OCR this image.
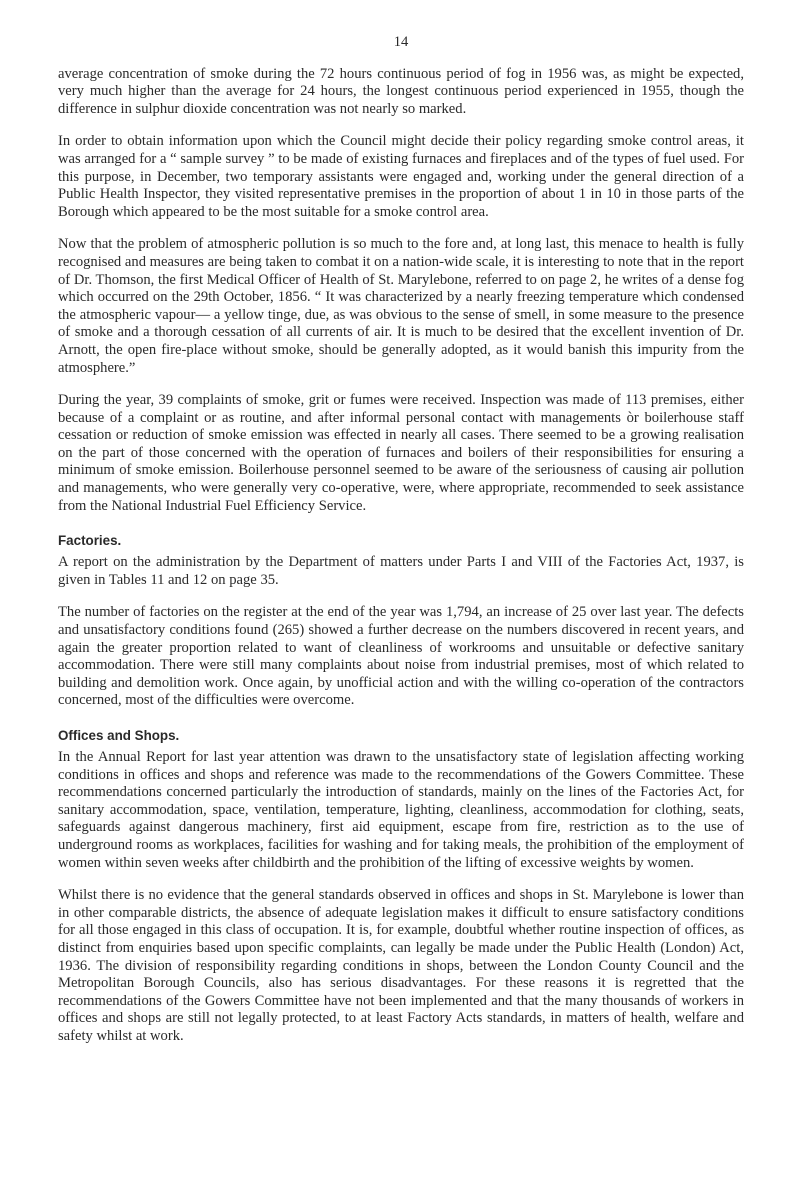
14

average concentration of smoke during the 72 hours continuous period of fog in 1956 was, as might be expected, very much higher than the average for 24 hours, the longest continuous period experienced in 1955, though the difference in sulphur dioxide concentration was not nearly so marked.

In order to obtain information upon which the Council might decide their policy regarding smoke control areas, it was arranged for a “ sample survey ” to be made of existing furnaces and fireplaces and of the types of fuel used. For this purpose, in December, two temporary assistants were engaged and, working under the general direction of a Public Health Inspector, they visited representative premises in the proportion of about 1 in 10 in those parts of the Borough which appeared to be the most suitable for a smoke control area.

Now that the problem of atmospheric pollution is so much to the fore and, at long last, this menace to health is fully recognised and measures are being taken to combat it on a nation-wide scale, it is interesting to note that in the report of Dr. Thomson, the first Medical Officer of Health of St. Marylebone, referred to on page 2, he writes of a dense fog which occurred on the 29th October, 1856. “ It was characterized by a nearly freezing temperature which condensed the atmospheric vapour— a yellow tinge, due, as was obvious to the sense of smell, in some measure to the presence of smoke and a thorough cessation of all currents of air. It is much to be desired that the excellent invention of Dr. Arnott, the open fire-place without smoke, should be generally adopted, as it would banish this impurity from the atmosphere.”

During the year, 39 complaints of smoke, grit or fumes were received. Inspection was made of 113 premises, either because of a complaint or as routine, and after informal personal contact with managements òr boilerhouse staff cessation or reduction of smoke emission was effected in nearly all cases. There seemed to be a growing realisation on the part of those concerned with the operation of furnaces and boilers of their responsibilities for ensuring a minimum of smoke emission. Boilerhouse personnel seemed to be aware of the seriousness of causing air pollution and managements, who were generally very co-operative, were, where appropriate, recommended to seek assistance from the National Industrial Fuel Efficiency Service.

Factories.

A report on the administration by the Department of matters under Parts I and VIII of the Factories Act, 1937, is given in Tables 11 and 12 on page 35.

The number of factories on the register at the end of the year was 1,794, an increase of 25 over last year. The defects and unsatisfactory conditions found (265) showed a further decrease on the numbers discovered in recent years, and again the greater proportion related to want of cleanliness of workrooms and unsuitable or defective sanitary accommodation. There were still many complaints about noise from industrial premises, most of which related to building and demolition work. Once again, by unofficial action and with the willing co-operation of the contractors concerned, most of the difficulties were overcome.

Offices and Shops.

In the Annual Report for last year attention was drawn to the unsatisfactory state of legislation affecting working conditions in offices and shops and reference was made to the recommendations of the Gowers Committee. These recommendations concerned particularly the introduction of standards, mainly on the lines of the Factories Act, for sanitary accommodation, space, ventilation, temperature, lighting, cleanliness, accommodation for clothing, seats, safeguards against dangerous machinery, first aid equipment, escape from fire, restriction as to the use of underground rooms as workplaces, facilities for washing and for taking meals, the prohibition of the employment of women within seven weeks after childbirth and the prohibition of the lifting of excessive weights by women.

Whilst there is no evidence that the general standards observed in offices and shops in St. Marylebone is lower than in other comparable districts, the absence of adequate legislation makes it difficult to ensure satisfactory conditions for all those engaged in this class of occupation. It is, for example, doubtful whether routine inspection of offices, as distinct from enquiries based upon specific complaints, can legally be made under the Public Health (London) Act, 1936. The division of responsibility regarding conditions in shops, between the London County Council and the Metropolitan Borough Councils, also has serious disadvantages. For these reasons it is regretted that the recommendations of the Gowers Committee have not been implemented and that the many thousands of workers in offices and shops are still not legally protected, to at least Factory Acts standards, in matters of health, welfare and safety whilst at work.
